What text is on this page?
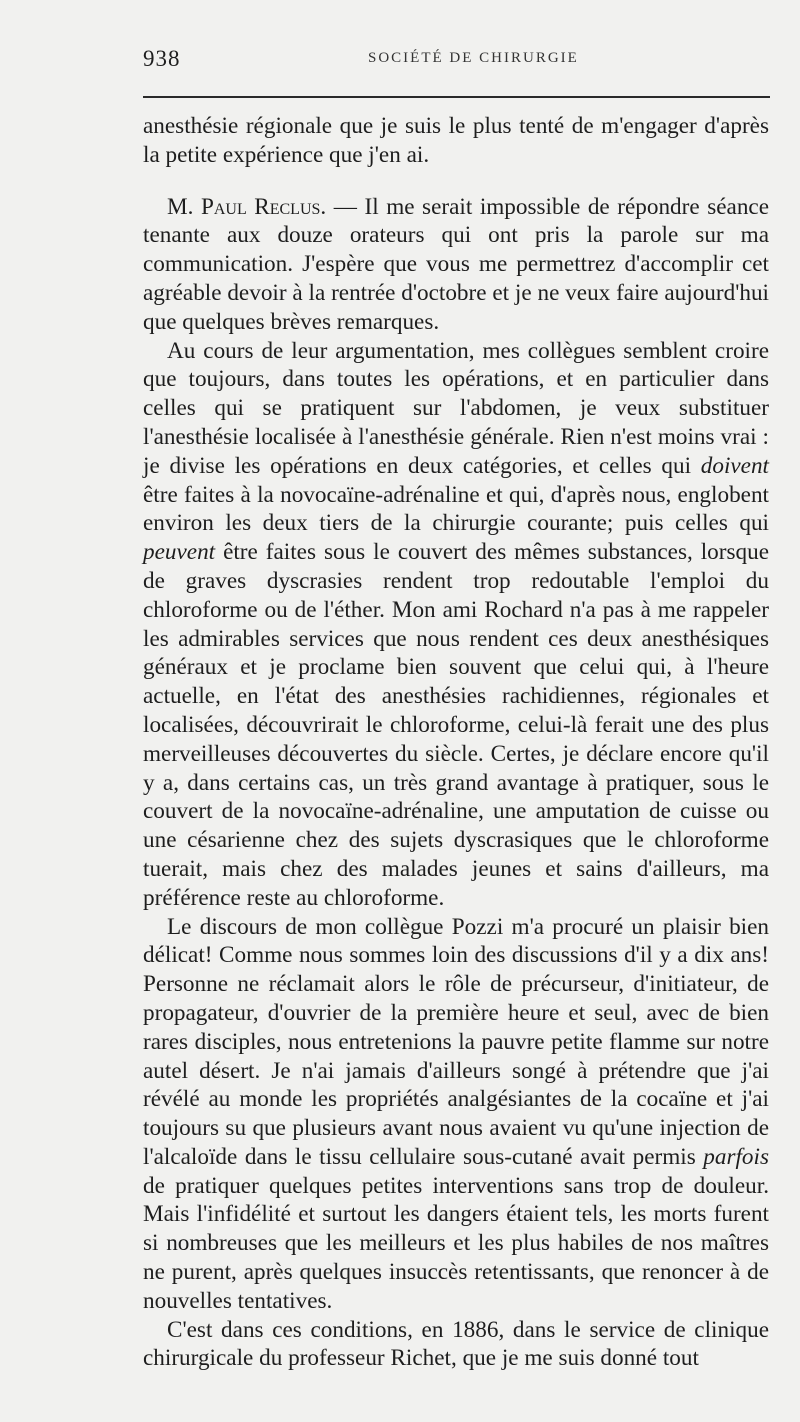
938	SOCIÉTÉ DE CHIRURGIE

anesthésie régionale que je suis le plus tenté de m'engager d'après la petite expérience que j'en ai.

M. Paul Reclus. — Il me serait impossible de répondre séance tenante aux douze orateurs qui ont pris la parole sur ma communication. J'espère que vous me permettrez d'accomplir cet agréable devoir à la rentrée d'octobre et je ne veux faire aujourd'hui que quelques brèves remarques.

Au cours de leur argumentation, mes collègues semblent croire que toujours, dans toutes les opérations, et en particulier dans celles qui se pratiquent sur l'abdomen, je veux substituer l'anesthésie localisée à l'anesthésie générale. Rien n'est moins vrai : je divise les opérations en deux catégories, et celles qui doivent être faites à la novocaïne-adrénaline et qui, d'après nous, englobent environ les deux tiers de la chirurgie courante; puis celles qui peuvent être faites sous le couvert des mêmes substances, lorsque de graves dyscrasies rendent trop redoutable l'emploi du chloroforme ou de l'éther. Mon ami Rochard n'a pas à me rappeler les admirables services que nous rendent ces deux anesthésiques généraux et je proclame bien souvent que celui qui, à l'heure actuelle, en l'état des anesthésies rachidiennes, régionales et localisées, découvrirait le chloroforme, celui-là ferait une des plus merveilleuses découvertes du siècle. Certes, je déclare encore qu'il y a, dans certains cas, un très grand avantage à pratiquer, sous le couvert de la novocaïne-adrénaline, une amputation de cuisse ou une césarienne chez des sujets dyscrasiques que le chloroforme tuerait, mais chez des malades jeunes et sains d'ailleurs, ma préférence reste au chloroforme.

Le discours de mon collègue Pozzi m'a procuré un plaisir bien délicat! Comme nous sommes loin des discussions d'il y a dix ans! Personne ne réclamait alors le rôle de précurseur, d'initiateur, de propagateur, d'ouvrier de la première heure et seul, avec de bien rares disciples, nous entretenions la pauvre petite flamme sur notre autel désert. Je n'ai jamais d'ailleurs songé à prétendre que j'ai révélé au monde les propriétés analgésiantes de la cocaïne et j'ai toujours su que plusieurs avant nous avaient vu qu'une injection de l'alcaloïde dans le tissu cellulaire sous-cutané avait permis parfois de pratiquer quelques petites interventions sans trop de douleur. Mais l'infidélité et surtout les dangers étaient tels, les morts furent si nombreuses que les meilleurs et les plus habiles de nos maîtres ne purent, après quelques insuccès retentissants, que renoncer à de nouvelles tentatives.

C'est dans ces conditions, en 1886, dans le service de clinique chirurgicale du professeur Richet, que je me suis donné tout
